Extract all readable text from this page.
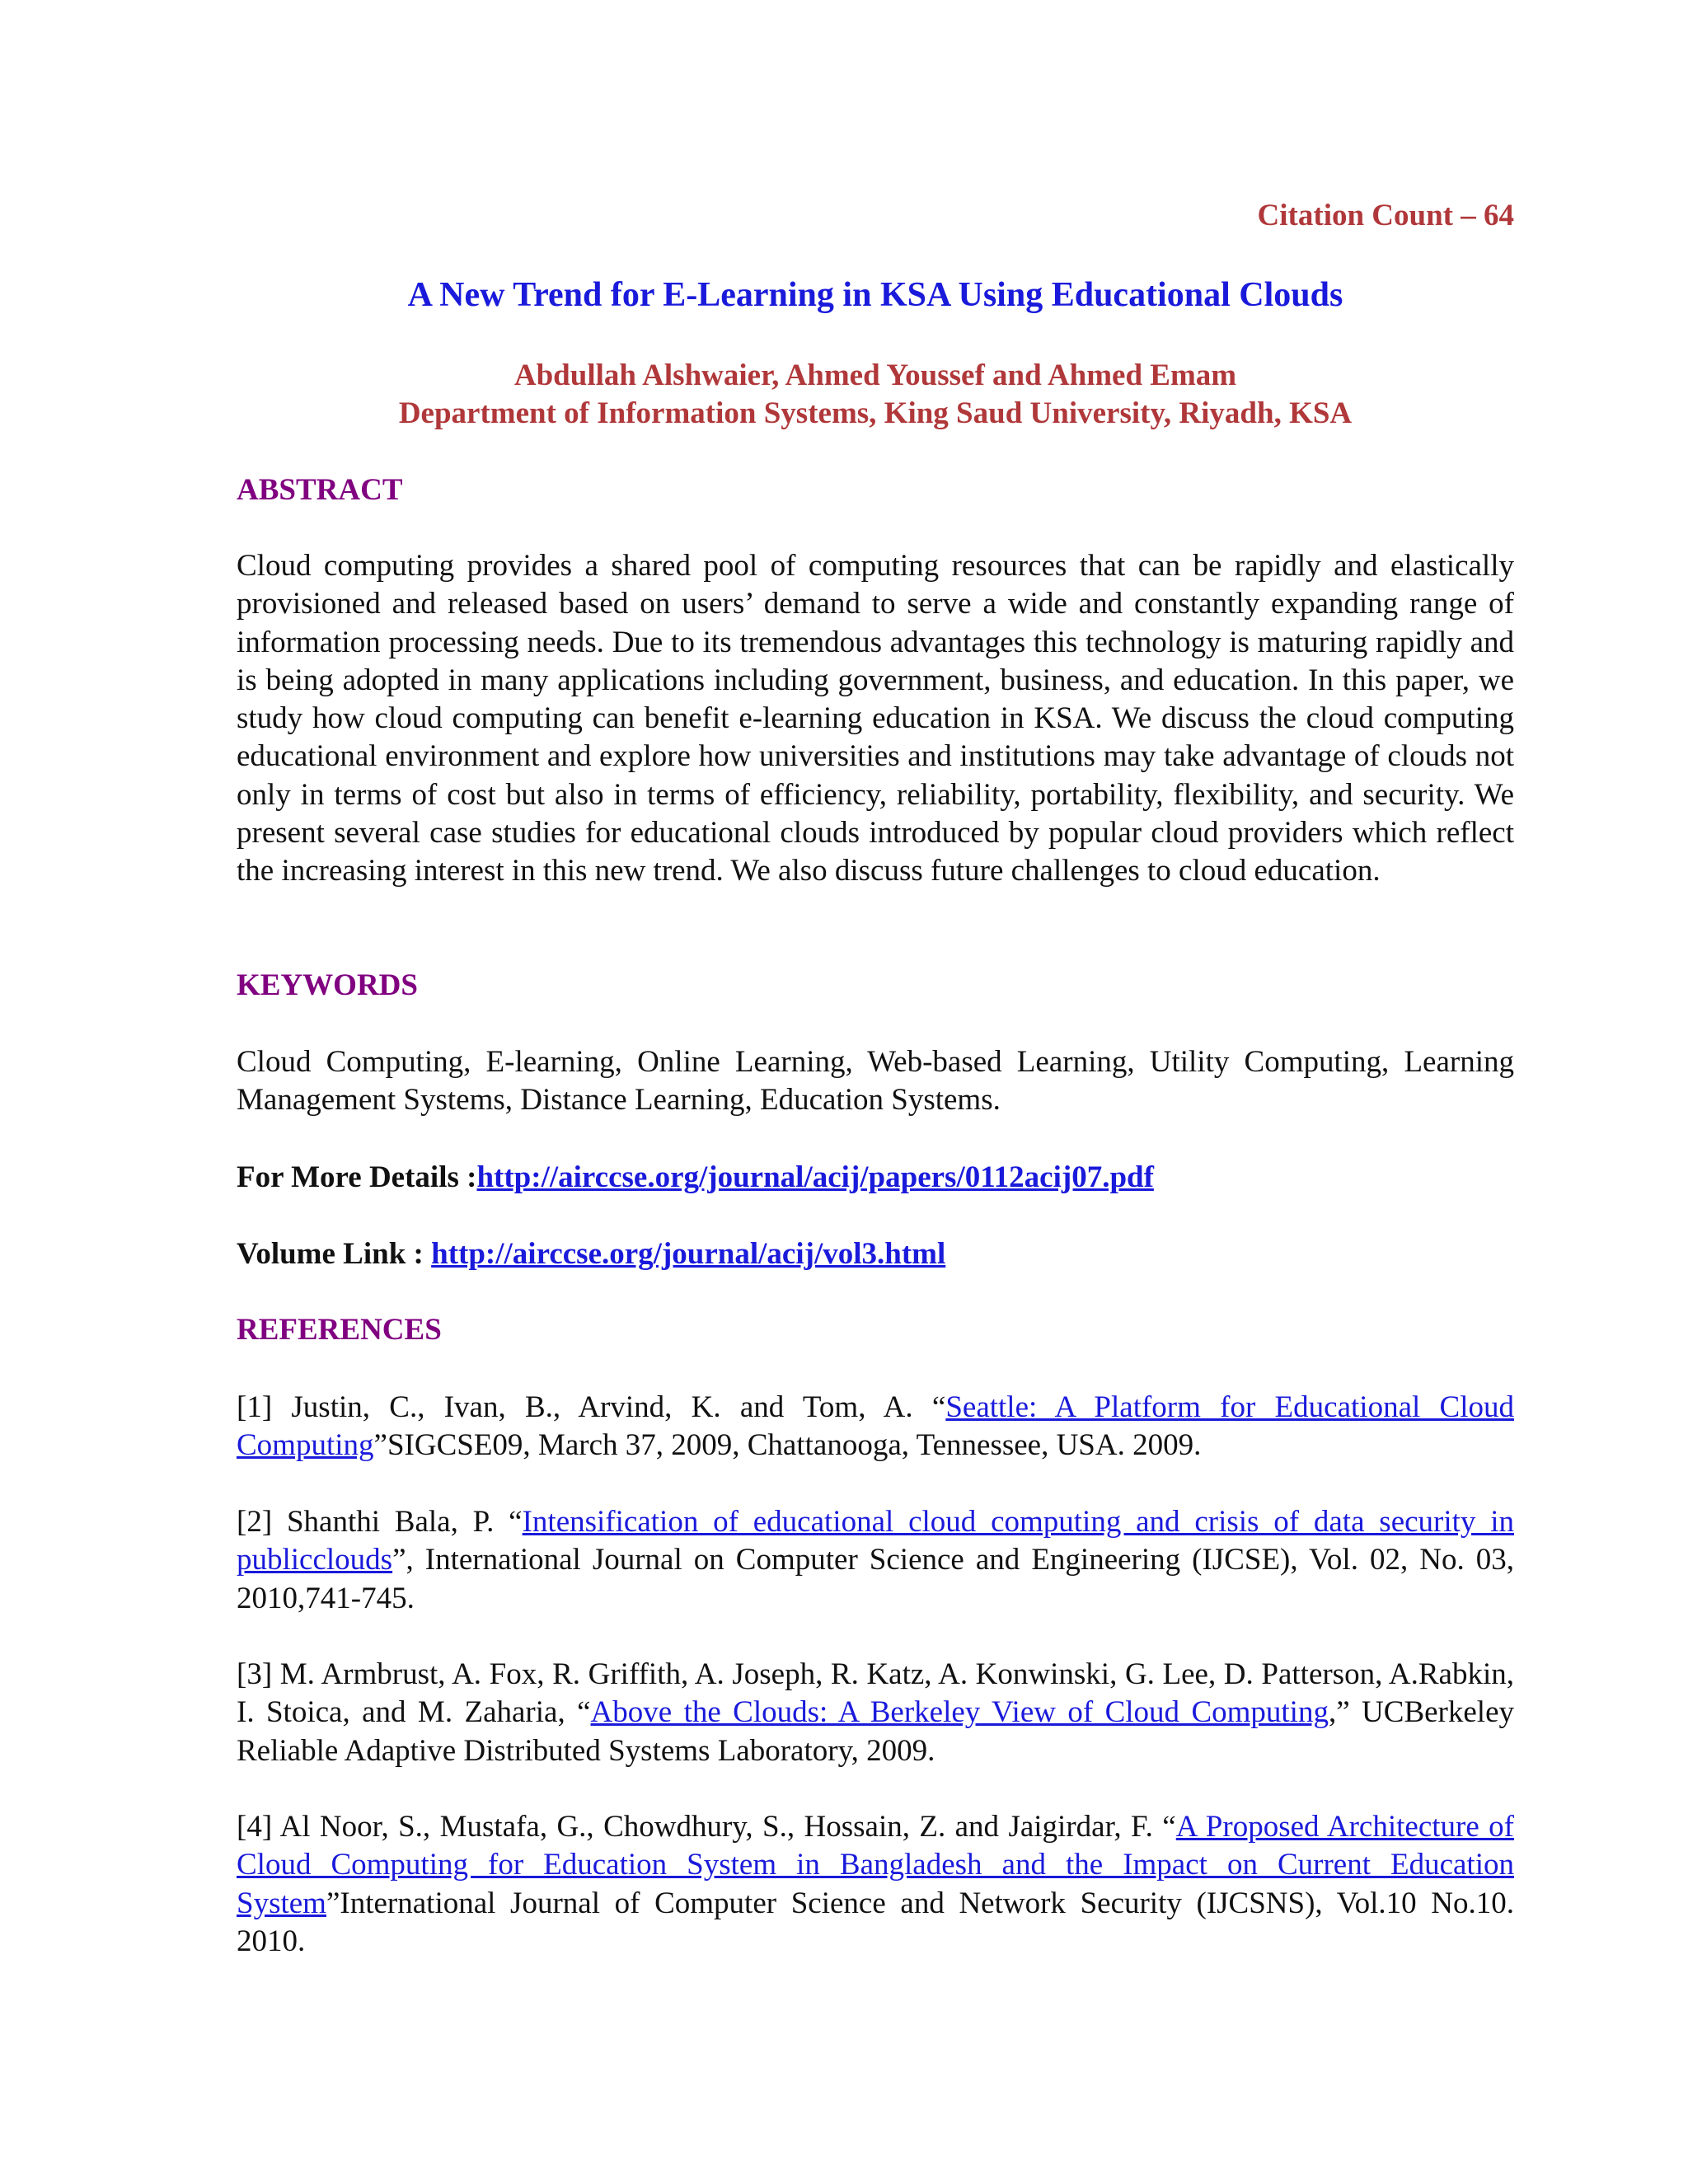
Citation Count – 64
A New Trend for E-Learning in KSA Using Educational Clouds
Abdullah Alshwaier, Ahmed Youssef and Ahmed Emam
Department of Information Systems, King Saud University, Riyadh, KSA
ABSTRACT
Cloud computing provides a shared pool of computing resources that can be rapidly and elastically provisioned and released based on users’ demand to serve a wide and constantly expanding range of information processing needs. Due to its tremendous advantages this technology is maturing rapidly and is being adopted in many applications including government, business, and education. In this paper, we study how cloud computing can benefit e-learning education in KSA. We discuss the cloud computing educational environment and explore how universities and institutions may take advantage of clouds not only in terms of cost but also in terms of efficiency, reliability, portability, flexibility, and security. We present several case studies for educational clouds introduced by popular cloud providers which reflect the increasing interest in this new trend. We also discuss future challenges to cloud education.
KEYWORDS
Cloud Computing, E-learning, Online Learning, Web-based Learning, Utility Computing, Learning Management Systems, Distance Learning, Education Systems.
For More Details :http://airccse.org/journal/acij/papers/0112acij07.pdf
Volume Link : http://airccse.org/journal/acij/vol3.html
REFERENCES
[1] Justin, C., Ivan, B., Arvind, K. and Tom, A. “Seattle: A Platform for Educational Cloud Computing”SIGCSE09, March 37, 2009, Chattanooga, Tennessee, USA. 2009.
[2] Shanthi Bala, P. “Intensification of educational cloud computing and crisis of data security in publicclouds”, International Journal on Computer Science and Engineering (IJCSE), Vol. 02, No. 03, 2010,741-745.
[3] M. Armbrust, A. Fox, R. Griffith, A. Joseph, R. Katz, A. Konwinski, G. Lee, D. Patterson, A.Rabkin, I. Stoica, and M. Zaharia, “Above the Clouds: A Berkeley View of Cloud Computing,” UCBerkeley Reliable Adaptive Distributed Systems Laboratory, 2009.
[4] Al Noor, S., Mustafa, G., Chowdhury, S., Hossain, Z. and Jaigirdar, F. “A Proposed Architecture of Cloud Computing for Education System in Bangladesh and the Impact on Current Education System”International Journal of Computer Science and Network Security (IJCSNS), Vol.10 No.10. 2010.
